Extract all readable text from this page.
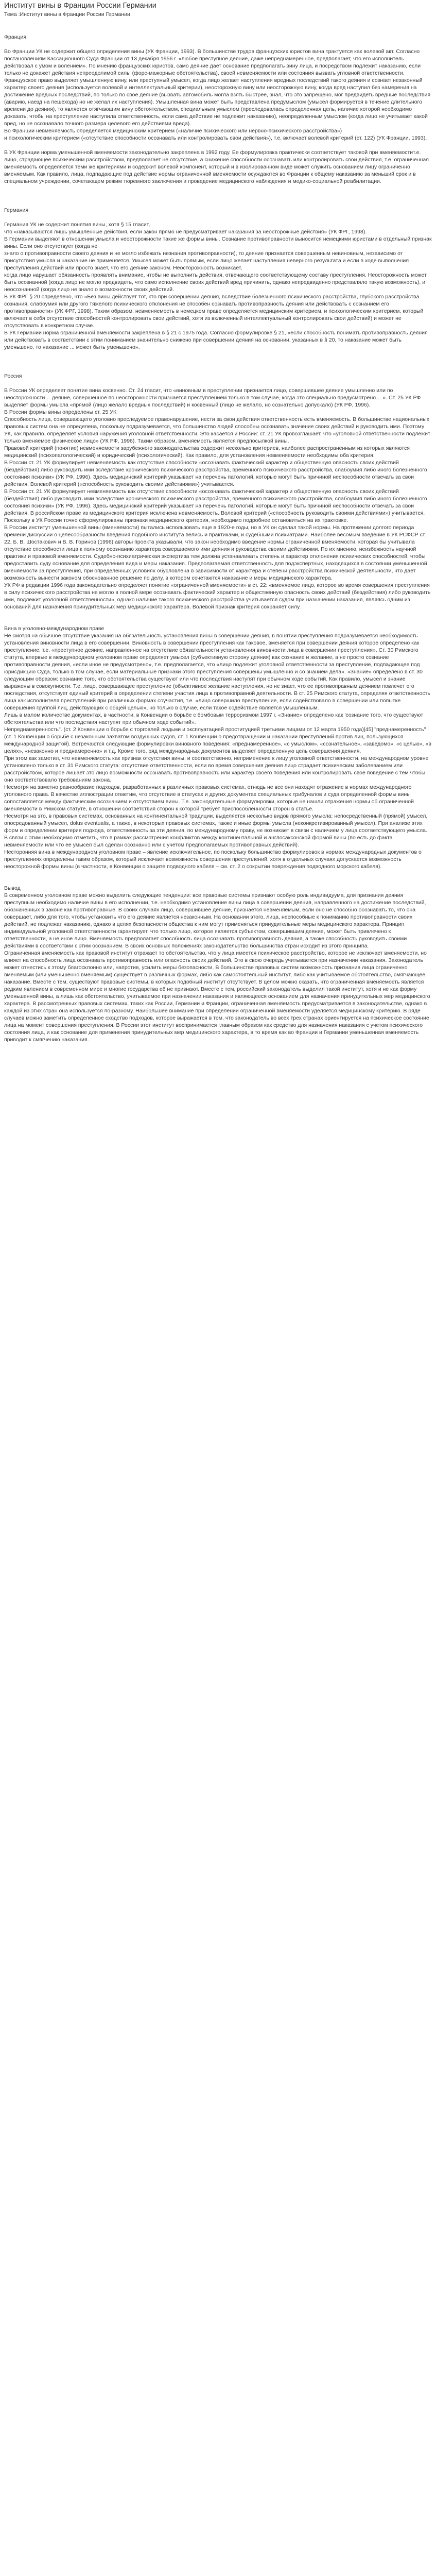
Институт вины в Франции России Германии
Тема :Институт вины в Франции России Германии

Франция

Во Франции УК не содержит общего определения вины (УК Франции, 1993). В большинстве трудов французских юристов вина трактуется как волевой акт. Согласно постановлениям Кассационного Суда Франции от 13 декабря 1956 г. «любое преступное деяние, даже непреднамеренное, предполагает, что его исполнитель действовал с умом и волением». По мнению французских юристов, само деяние дает основание предполагать вину лица, и посредством подлежит наказанию, если только не докажет действия непреодолимой силы (форс-мажорные обстоятельства), своей невменяемости или состояния вызвать угловной ответственности.

Французское право выделяет умышленную вину, или преступный умысел, когда лицо желает наступления вредных последствий такого деяния и сознает незаконный характер своего деяния (используется волевой и интеллектуальный критерии), неосторожную вину или неосторожную вину, когда вред наступил без намерения на достижение вредных последствий, по только по свое деяние (вызвать автомобиль могла взять быстрее, знал, что это запрещено, мог предвидеть вредные последствия (аварию, наезд на пешехода) но не желал их наступления). Умышленная вина может быть представлена предумыслом (умысел формируется в течение длительного времени до деяния), то является отягчающим вину обстоятельством, специальным умыслом (преследовалась определенная цель, наличие которой необходимо доказать, чтобы на преступление наступила ответственность, если сама действие не подлежит наказанию), неопределенным умыслом (когда лицо не учитывает какой вред, но не осознавало точного размера целевого его действиями вреда).

Во Франции невменяемость определяется медицинским критерием («наличие психического или нервно-психического расстройства»)

и психологическим критерием («отсутствие способности осознавать или контролировать свои действия»), т.е. включает волевой критерий (ст. 122) (УК Франции, 1993).

В УК Франции норма уменьшенной вменяемости законодательно закреплена в 1992 году. Ее формулировка практически соответствует таковой при вменяемостит.е. лицо, страдающее психическим расстройством, предполагает не отсутствие, а снижение способности осознавать или контролировать свои действия, т.е. ограниченная вменяемость определяется теми же критериями и содержит волевой компонент, который и в изолированном виде может служить основанием лицу ограниченно вменяемым. Как правило, лица, подпадающие под действие нормы ограниченной вменяемости осуждаются во Франции к общему наказанию за меньший срок и в специальном учреждении, сочетающем режим тюремного заключения и проведение медицинского наблюдения и медико-социальной реабилитации.

Германия

Германия УК не содержит понятия вины, хотя § 15 гласит,

что «наказываются лишь умышленные действия, если закон прямо не предусматривает наказания за неосторожные действия» (УК ФРГ, 1998).

В Германии выделяют в отношении умысла и неосторожности такие же формы вины. Сознание противоправности выносится немецкими юристами в отдельный признак вины. Если оно отсутствует (когда не

знало о противоправности своего деяния и не могло избежать незнания противоправности), то деяние признается совершенным невиновным, независимо от присутствия умысла и наказание не применяется. Умысел может быть прямым, если лицо желает наступления неверного результата и если в ходе выполнения преступления действий или просто знает, что его деяние законом. Неосторожность возникает,

когда лицо нарушает обязанность проявлять внимание, чтобы не выполнить действия, отвечающего соответствующему составу преступления. Неосторожность может быть осознанной (когда лицо не могло предвидеть, что само исполнение своих действий вред причинить, однако непредвиденно представляло такую возможность), и неосознанной (когда лицо не знало о возможности своих действий.

В УК ФРГ § 20 определено, что «Без вины действует тот, кто при совершении деяния, вследствие болезненного психического расстройства, глубокого расстройства сознания, слабоумия или другого тяжелого психического отклонения не способен сознавать противоправность деяния или действовать с сознанием его противоправности» (УК ФРГ, 1998). Таким образом, невменяемость в немецком праве определяется медицинским критерием, и психологическим критерием, который включает в себя отсутствие способностей контролировать свои действий, хотя из включенный интеллектуальный контролировать свои действий) и может не отсутствовать в конкретном случае.

В УК Германии норма ограниченной вменяемости закреплена в § 21 с 1975 года. Согласно формулировке § 21, «если способность понимать противоправность деяния или действовать в соответствии с этим пониманием значительно снижено при совершении деяния на основании, указанных в § 20, то наказание может быть уменьшено, то наказание ... может быть уменьшено».

Россия

В России УК определяет понятие вина косвенно. Ст. 24 гласит, что «виновным в преступлении признается лицо, совершившее деяние умышленно или по неосторожности… деяние, совершенное по неосторожности признается преступлением только в том случае, когда это специально предусмотрено… ». Ст. 25 УК РФ выделяет формы умысла «прямой (лицо желало вредных последствий) и косвенный (лицо не желало, но сознательно допускало) (УК РФ, 1996).

В России формы вины определены ст. 25 УК

Способность лица, совершающего уголовно преследуемое правонарушение, нести за свои действия ответственность есть вменяемость. В большинстве национальных правовых систем она не определена, поскольку подразумевается, что большинство людей способны осознавать значение своих действий и руководить ими. Поэтому УК, как правило, определяет условия наружения уголовной ответственности. Это касается и России: ст. 21 УК провозглашает, что «уголовной ответственности подлежит только вменяемое физическое лицо» (УК РФ, 1996). Таким образом, вменяемость является предпосылкой вины.

Правовой критерий (понятие) невменяемости зарубежного законодательства содержит несколько критериев, наиболее распространенным из которых являются медицинский (психопатологический) и юридический (психологический). Как правило, для установления невменяемости необходимы оба критерия.

В России ст. 21 УК формулирует невменяемость как отсутствие способности «осознавать фактический характер и общественную опасность своих действий (бездействия) либо руководить ими вследствие хронического психического расстройства, временного психического расстройства, слабоумия либо иного болезненного состояния психики» (УК РФ, 1996). Здесь медицинский критерий указывает на перечень патологий, которые могут быть причиной неспособности отвечать за свои действия. Волевой критерий («способность руководить своими действиями») учитывается.

В России ст. 21 УК формулирует невменяемость как отсутствие способности «осознавать фактический характер и общественную опасность своих действий (бездействия) либо руководить ими вследствие хронического психического расстройства, временного психического расстройства, слабоумия либо иного болезненного состояния психики» (УК РФ, 1996). Здесь медицинский критерий указывает на перечень патологий, которые могут быть причиной неспособности отвечать за свои действия. В российском праве из медицинского критерия исключена невменяемость. Волевой критерий («способность руководить своими действиями») учитывается.

Поскольку в УК России точно сформулированы признаки медицинского критерия, необходимо подробнее остановиться на их трактовке.

В России институт уменьшенной вины (вменяемости) пытались использовать еще в 1920-е годы, но в УК он сделал такой нормы. На протяжении долгого периода времени дискуссии о целесообразности введения подобного института велись и практиками, и судебными психиатрами. Наиболее весомым введение в УК РСФСР ст. 22, Б. В. Шостакович и В. В. Горинов (1996) авторы проекта указывали, что закон необходимо введение нормы ограниченной вменяемости, которая бы учитывала отсутствие способности лица к полному осознанию характера совершаемого ими деяния и руководства своими действиями. По их мнению, неизбежность научной практики и правовой вменяемости. Судебно-психиатрическая экспертиза тем должна устанавливать степень и характер отклонения психических способностей, чтобы предоставить суду основание для определения вида и меры наказания. Предполагаемая ответственность для подэкспертных, находящихся в состоянии уменьшенной вменяемости за преступления, при определенных условиях обусловлена в зависимости от характера и степени расстройства психической деятельности, что дает возможность вынести законом обоснованное решение по делу, в котором сочетаются наказание и меры медицинского характера.

УК РФ в редакции 1996 года законодательно определяет понятие «ограниченной вменяемости» в ст. 22: «вменяемое лицо, которое во время совершения преступления в силу психического расстройства не могло в полной мере осознавать фактический характер и общественную опасность своих действий (бездействия) либо руководить ими, подлежит уголовной ответственности», однако наличие такого психического расстройства учитывается судом при назначении наказания, являясь одним из оснований для назначения принудительных мер медицинского характера. Волевой признак критерия сохраняет силу.

Вина в уголовно-международном праве

Не смотря на обычное отсутствие указания на обязательность установления вины в совершении деяния, в понятии преступления подразумевается необходимость установления виновности лица в его совершении. Виновность в совершении преступления как таковое, вменяется при совершении деяния которое определено как преступление, т.е. «преступное деяние, направленное на отсутствие обязательности установления виновности лица в совершении преступления». Ст. 30 Римского статута, впервые в международном уголовном праве определяет умысел (субъективную сторону деяния) как сознание и желание, а не просто сознание противоправности деяния, «если иное не предусмотрено», т.е. предполагается, что «лицо подлежит уголовной ответственности за преступление, подпадающее под юрисдикцию Суда, только в том случае, если материальные признаки этого преступления совершены умышленно и со знанием дела». «Знание» определено в ст. 30 следующим образом: сознание того, что обстоятельства существуют или что последствия наступят при обычном ходе событий. Как правило, умысел и знание выражены в совокупности. Т.е. лицо, совершающее преступление (объективное желание наступления, но не знает, что ее противоправным деянием повлечет его последствия, отсутствует единый критерий в определении степени участия лица в противоправной деятельности. В ст. 25 Римского статута, определяя ответственность лица как исполнителя преступлений при различных формах соучастия, т.е. «лицо совершило преступление, если содействовало в совершении или попытке совершения группой лиц, действующих с общей целью», но только в случае, если такое содействие является умышленным.

Лишь в малом количестве документах, в частности, в Конвенции о борьбе с бомбовым терроризмом 1997 г. «Знание» определено как 'сознание того, что существуют обстоятельства или что последствия наступят при обычном ходе событий».

Непреднамеренность". (ст. 2 Конвенции о борьбе с торговлей людьми и эксплуатацией проституцией третьими лицами от 12 марта 1950 года)[45] "преднамеренность" (ст. 1 Конвенции о борьбе с незаконным захватом воздушных судов, ст. 1 Конвенции о предотвращении и наказании преступлений против лиц, пользующихся международной защитой). Встречаются следующие формулировки виновного поведения: «преднамеренное», «с умыслом», «сознательное», «заведомо», «с целью», «в целях», «незаконно и преднамеренно» и т.д. Кроме того, ряд международных документов выделяет определенную цель совершения деяния.

При этом как заметил, что невменяемость как признак отсутствия вины, и соответственно, неприменение к лицу уголовной ответственности, на международном уровне установлено только в ст. 31 Римского статута: отсутствие ответственности, если во время совершения деяния лицо страдает психическим заболеванием или расстройством, которое лишает это лицо возможности осознавать противоправность или характер своего поведения или контролировать свое поведение с тем чтобы оно соответствовало требованиям закона.

Несмотря на заметно разнообразие подходов, разработанных в различных правовых системах, отнюдь не все они находят отражение в нормах международного уголовного права. В качестве иллюстрации отметим, что отсутствие в статусах и других документах специальных трибуналов и суда определенной формы вины сопоставляется между фактическим осознанием и отсутствием вины. Т.е. законодательные формулировки, которые не нашли отражения нормы об ограниченной вменяемости в Римском статуте, в отношении соответствия сторон к которой требует приспособленности сторон в статье.

Несмотря на это, в правовых системах, основанных на континентальной традиции, выделяется несколько видов прямого умысла: непосредственный (прямой) умысел, опосредованный умысел, dolus eventualis, а также, в некоторых правовых системах, также и иные формы умысла (неконкретизированный умысел). При анализе этих форм и определении критерия подхода, ответственность за эти деяния, по международному праву, не возникает в связи с наличием у лица соответствующего умысла. В связи с этим необходимо отметить, что в рамках рассмотрения конфликтов между континентальной и англосаксонской формой вины (по есть до факта невменяемости или что ее умысел был сделан осознанно или с учетом предполагаемых противоправных действий).

Несторонняя вина в международном уголовном праве – явление исключительное, по поскольку большинство формулировок в нормах международных документов о преступлениях определены таким образом, который исключает возможность совершения преступлений, хотя в отдельных случаях допускается возможность неосторожной формы вины (в частности, в Конвенции о защите подводного кабеля – см. ст. 2 о сокрытии повреждения подводного морского кабеля).

Вывод

В современном уголовном праве можно выделить следующие тенденции: все правовые системы признают особую роль индивидуума, для признания деяния преступным необходимо наличие вины в его исполнении, т.е. необходимо установление вины лица в совершении деяния, направленного на достижение последствий, обозначенных в законе как противоправные. В своих случаях лицо, совершившее деяние, признается невменяемым, если оно не способно осознавать то, что она совершает, либо для того, чтобы установить что его деяние является незаконным. На основании этого, лица, неспособные к пониманию противоправности своих действий, не подлежат наказанию, однако в целях безопасности общества к ним могут применяться принудительные меры медицинского характера. Принцип индивидуальной уголовной ответственности гарантирует, что только лицо, которое является субъектом, совершившим деяние, может быть привлечено к ответственности, а не иное лицо. Вменяемость предполагает способность лица осознавать противоправность деяния, а также способность руководить своими действиями в соответствии с этим осознанием. В своих основных положениях законодательство большинства стран исходит из этого принципа.

Ограниченная вменяемость как правовой институт отражает то обстоятельство, что у лица имеется психическое расстройство, которое не исключает вменяемости, но влияет на способность лица осознавать противоправность или опасность своих действий. Это в свою очередь учитывается при назначении наказания. Законодатель может отнестись к этому благосклонно или, напротив, усилить меры безопасности. В большинстве правовых систем возможность признания лица ограниченно вменяемым (или уменьшенно вменяемым) существует в различных формах, либо как самостоятельный институт, либо как учитываемое обстоятельство, смягчающее наказание. Вместе с тем, существуют правовые системы, в которых подобный институт отсутствует. В целом можно сказать, что ограниченная вменяемость является редким явлением в современном мире и многие государства её не признают. Вместе с тем, российский законодатель выделил такой институт, хотя и не как форму уменьшенной вины, а лишь как обстоятельство, учитываемое при назначении наказания и являющееся основанием для назначения принудительных мер медицинского характера. В рассмотренных правовых системах, таких как России, Германии и Франции, ограниченная вменяемость предусматривается в законодательстве, однако в каждой из этих стран она используется по-разному. Наибольшее внимание при определении ограниченной вменяемости уделяется медицинскому критерию. В ряде случаев можно заметить определенное сходство подходов, которое выражается в том, что законодатель во всех трех странах ориентируется на психическое состояние лица на момент совершения преступления. В России этот институт воспринимается главным образом как средство для назначения наказания с учетом психического состояния лица, и как основание для применения принудительных мер медицинского характера, в то время как во Франции и Германии уменьшенная вменяемость приводит к смягчению наказания.
